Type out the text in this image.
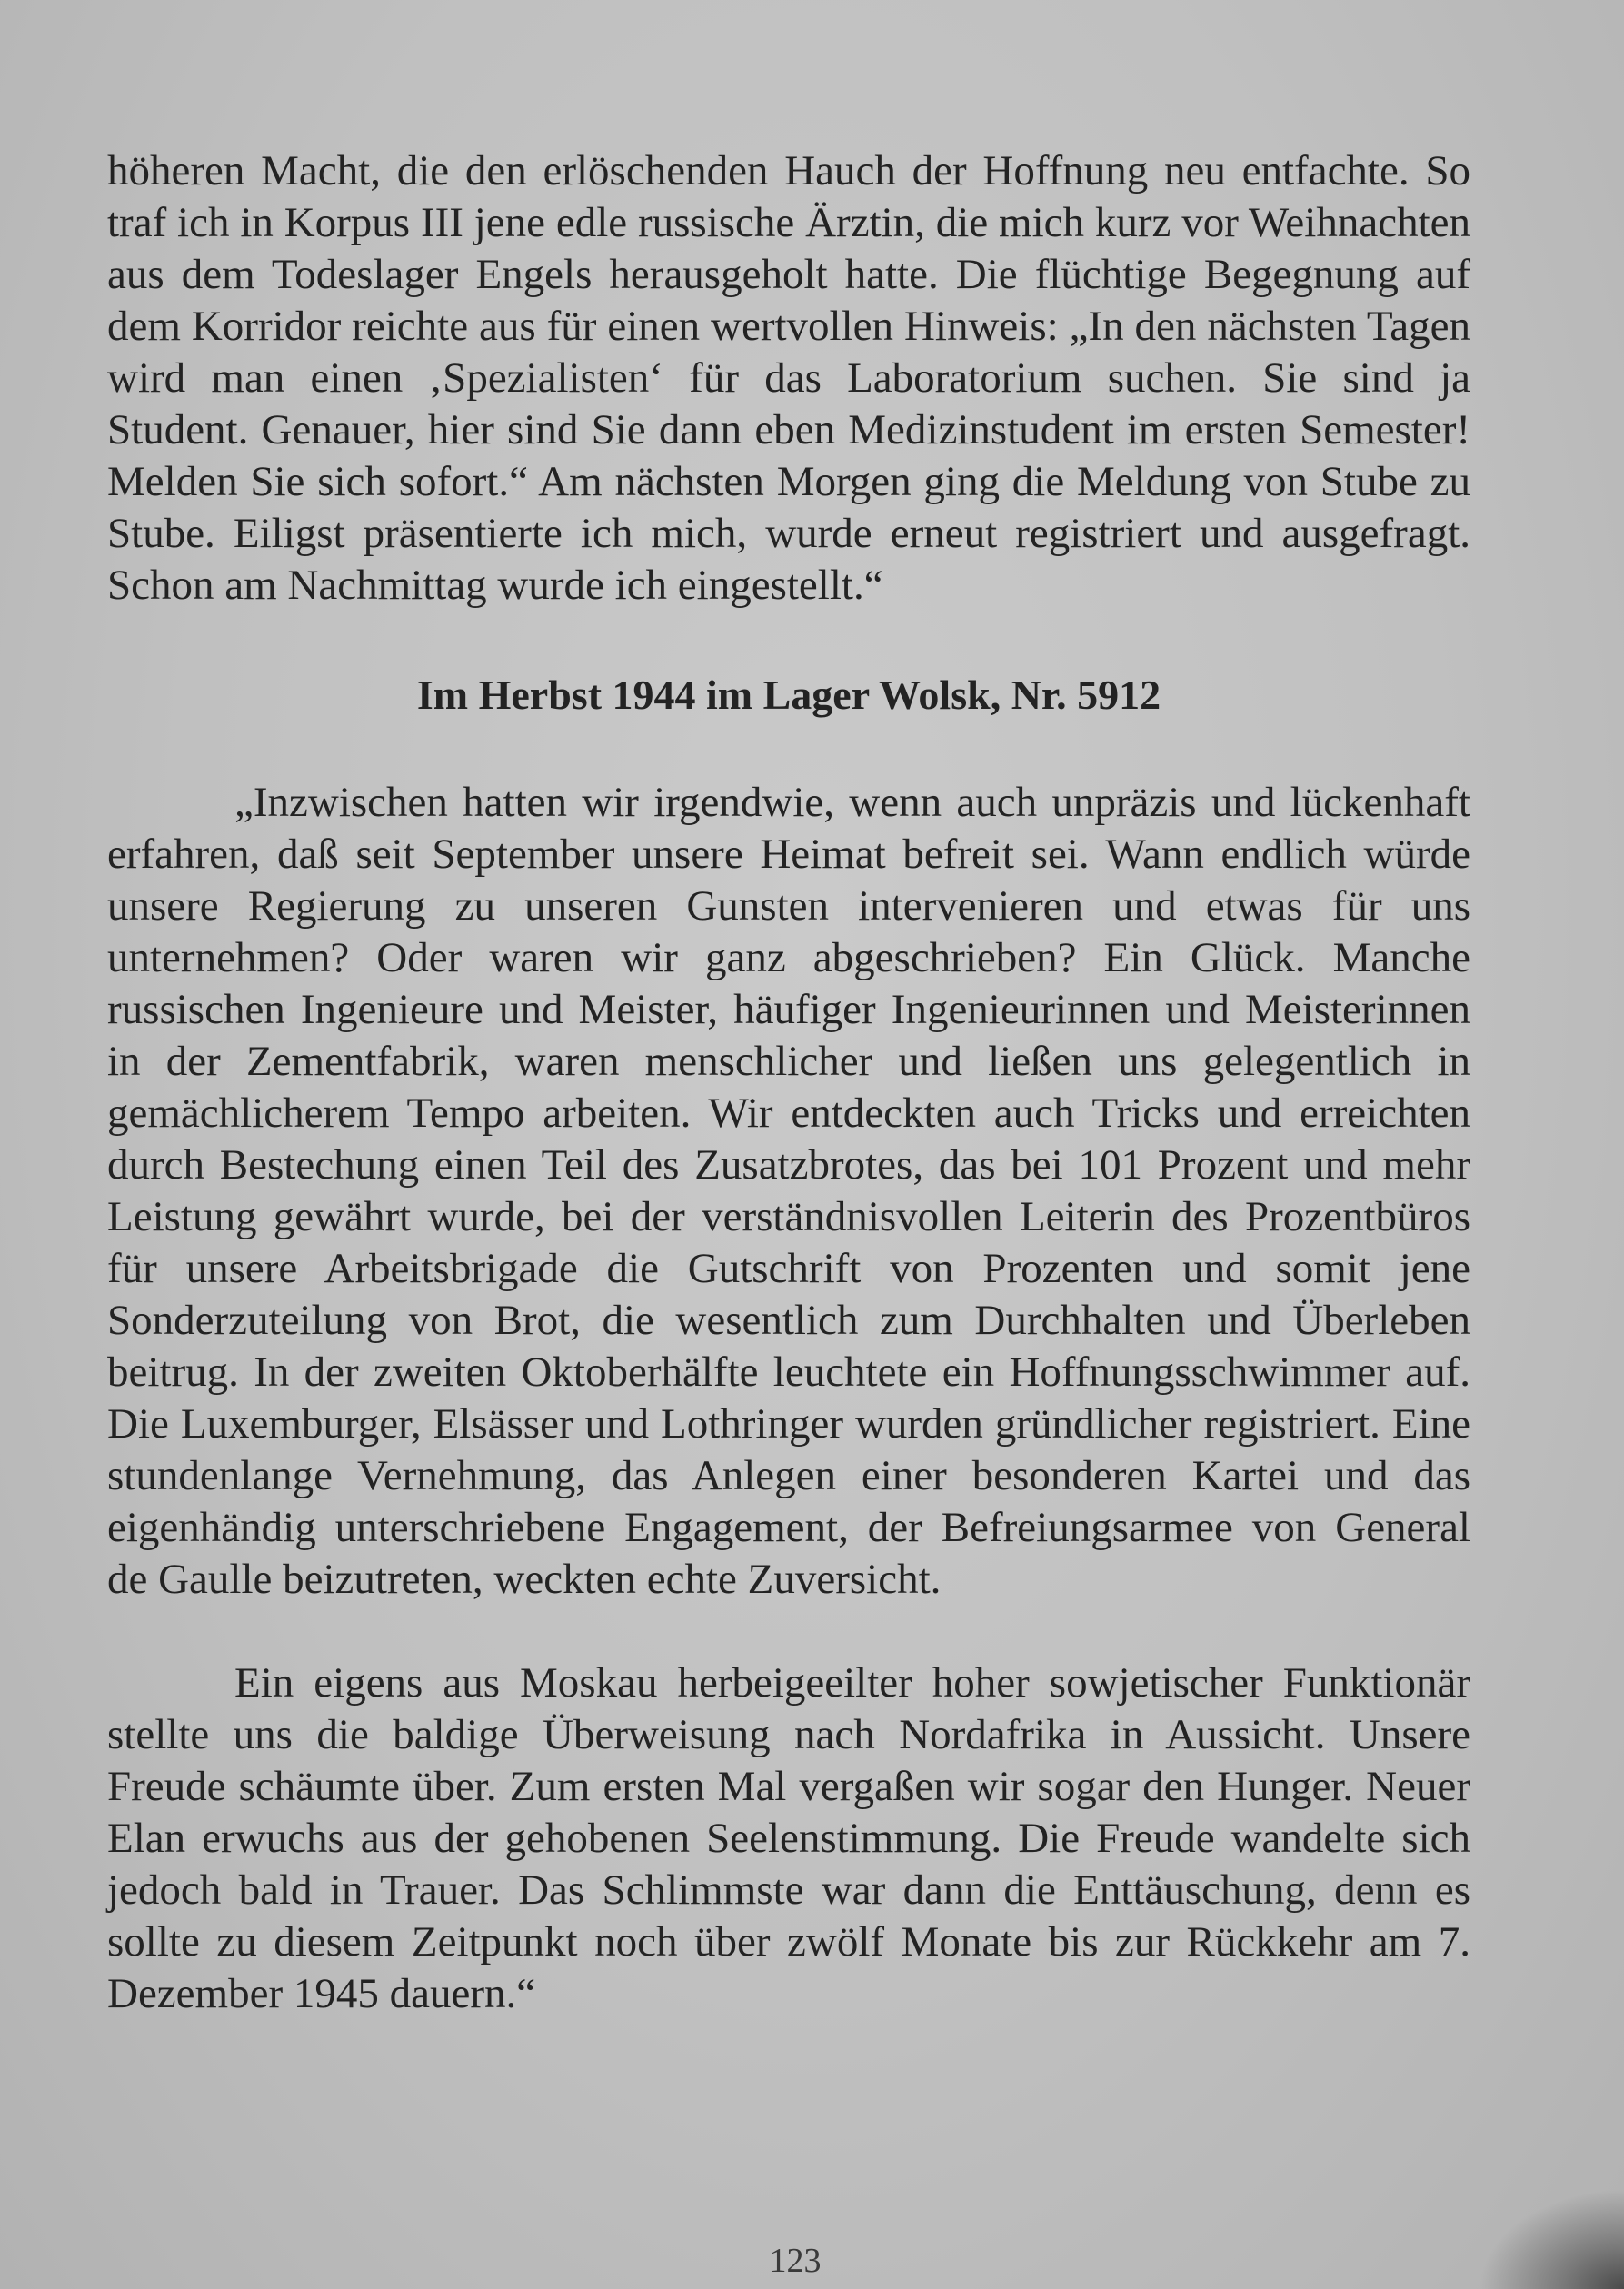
höheren Macht, die den erlöschenden Hauch der Hoffnung neu entfachte. So traf ich in Korpus III jene edle russische Ärztin, die mich kurz vor Weihnachten aus dem Todeslager Engels herausgeholt hatte. Die flüchtige Begegnung auf dem Korridor reichte aus für einen wertvollen Hinweis: „In den nächsten Tagen wird man einen ‚Spezialisten‘ für das Laboratorium suchen. Sie sind ja Student. Genauer, hier sind Sie dann eben Medizinstudent im ersten Semester! Melden Sie sich sofort.“ Am nächsten Morgen ging die Meldung von Stube zu Stube. Eiligst präsentierte ich mich, wurde erneut registriert und ausgefragt. Schon am Nachmittag wurde ich eingestellt.“

Im Herbst 1944 im Lager Wolsk, Nr. 5912

„Inzwischen hatten wir irgendwie, wenn auch unpräzis und lückenhaft erfahren, daß seit September unsere Heimat befreit sei. Wann endlich würde unsere Regierung zu unseren Gunsten intervenieren und etwas für uns unternehmen? Oder waren wir ganz abgeschrieben? Ein Glück. Manche russischen Ingenieure und Meister, häufiger Ingenieurinnen und Meisterinnen in der Zementfabrik, waren menschlicher und ließen uns gelegentlich in gemächlicherem Tempo arbeiten. Wir entdeckten auch Tricks und erreichten durch Bestechung einen Teil des Zusatzbrotes, das bei 101 Prozent und mehr Leistung gewährt wurde, bei der verständnisvollen Leiterin des Prozentbüros für unsere Arbeitsbrigade die Gutschrift von Prozenten und somit jene Sonderzuteilung von Brot, die wesentlich zum Durchhalten und Überleben beitrug. In der zweiten Oktoberhälfte leuchtete ein Hoffnungsschwimmer auf. Die Luxemburger, Elsässer und Lothringer wurden gründlicher registriert. Eine stundenlange Vernehmung, das Anlegen einer besonderen Kartei und das eigenhändig unterschriebene Engagement, der Befreiungsarmee von General de Gaulle beizutreten, weckten echte Zuversicht.

Ein eigens aus Moskau herbeigeeilter hoher sowjetischer Funktionär stellte uns die baldige Überweisung nach Nordafrika in Aussicht. Unsere Freude schäumte über. Zum ersten Mal vergaßen wir sogar den Hunger. Neuer Elan erwuchs aus der gehobenen Seelenstimmung. Die Freude wandelte sich jedoch bald in Trauer. Das Schlimmste war dann die Enttäuschung, denn es sollte zu diesem Zeitpunkt noch über zwölf Monate bis zur Rückkehr am 7. Dezember 1945 dauern.“

123
